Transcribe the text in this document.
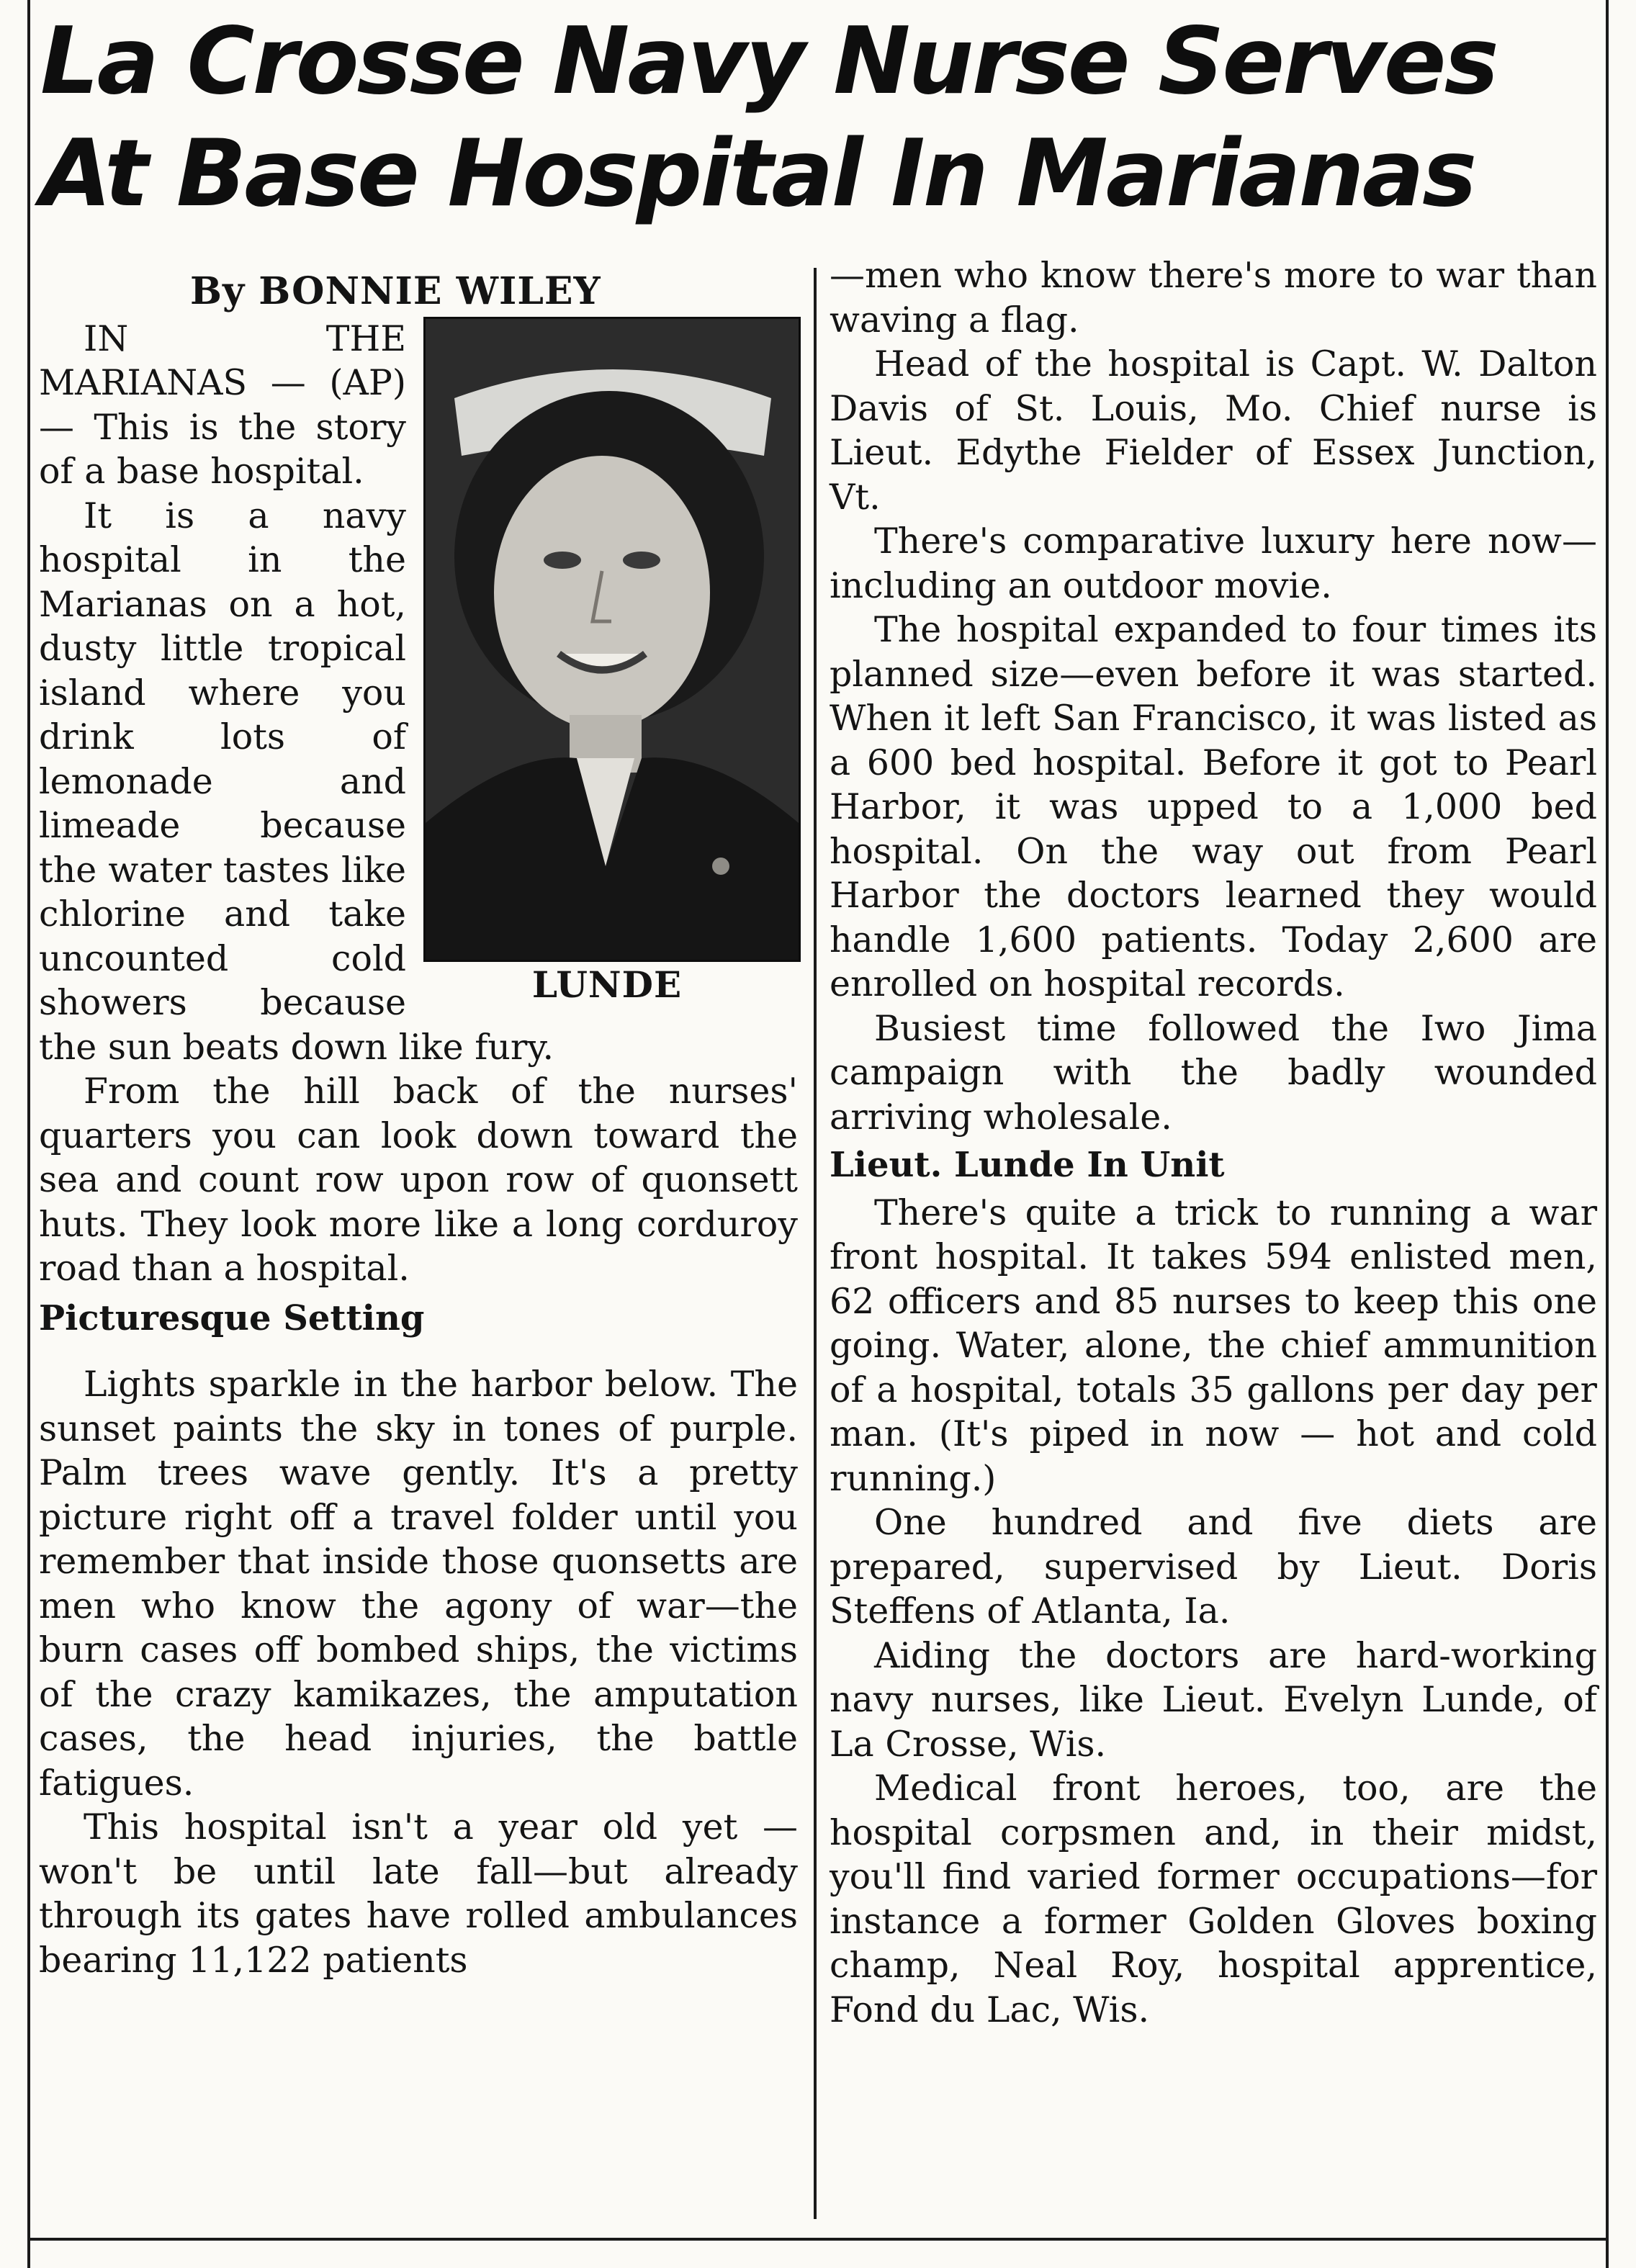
La Crosse Navy Nurse Serves
At Base Hospital In Marianas

By BONNIE WILEY

LUNDE

IN THE MARIANAS — (AP) — This is the story of a base hospital.

It is a navy hospital in the Marianas on a hot, dusty little tropical island where you drink lots of lemonade and limeade because the water tastes like chlorine and take uncounted cold showers because the sun beats down like fury.

From the hill back of the nurses' quarters you can look down toward the sea and count row upon row of quonsett huts. They look more like a long corduroy road than a hospital.

Picturesque Setting

Lights sparkle in the harbor below. The sunset paints the sky in tones of purple. Palm trees wave gently. It's a pretty picture right off a travel folder until you remember that inside those quonsetts are men who know the agony of war—the burn cases off bombed ships, the victims of the crazy kamikazes, the amputation cases, the head injuries, the battle fatigues.

This hospital isn't a year old yet —won't be until late fall—but already through its gates have rolled ambulances bearing 11,122 patients

—men who know there's more to war than waving a flag.

Head of the hospital is Capt. W. Dalton Davis of St. Louis, Mo. Chief nurse is Lieut. Edythe Fielder of Essex Junction, Vt.

There's comparative luxury here now—including an outdoor movie.

The hospital expanded to four times its planned size—even before it was started. When it left San Francisco, it was listed as a 600 bed hospital. Before it got to Pearl Harbor, it was upped to a 1,000 bed hospital. On the way out from Pearl Harbor the doctors learned they would handle 1,600 patients. Today 2,600 are enrolled on hospital records.

Busiest time followed the Iwo Jima campaign with the badly wounded arriving wholesale.

Lieut. Lunde In Unit

There's quite a trick to running a war front hospital. It takes 594 enlisted men, 62 officers and 85 nurses to keep this one going. Water, alone, the chief ammunition of a hospital, totals 35 gallons per day per man. (It's piped in now — hot and cold running.)

One hundred and five diets are prepared, supervised by Lieut. Doris Steffens of Atlanta, Ia.

Aiding the doctors are hard-working navy nurses, like Lieut. Evelyn Lunde, of La Crosse, Wis.

Medical front heroes, too, are the hospital corpsmen and, in their midst, you'll find varied former occupations—for instance a former Golden Gloves boxing champ, Neal Roy, hospital apprentice, Fond du Lac, Wis.
